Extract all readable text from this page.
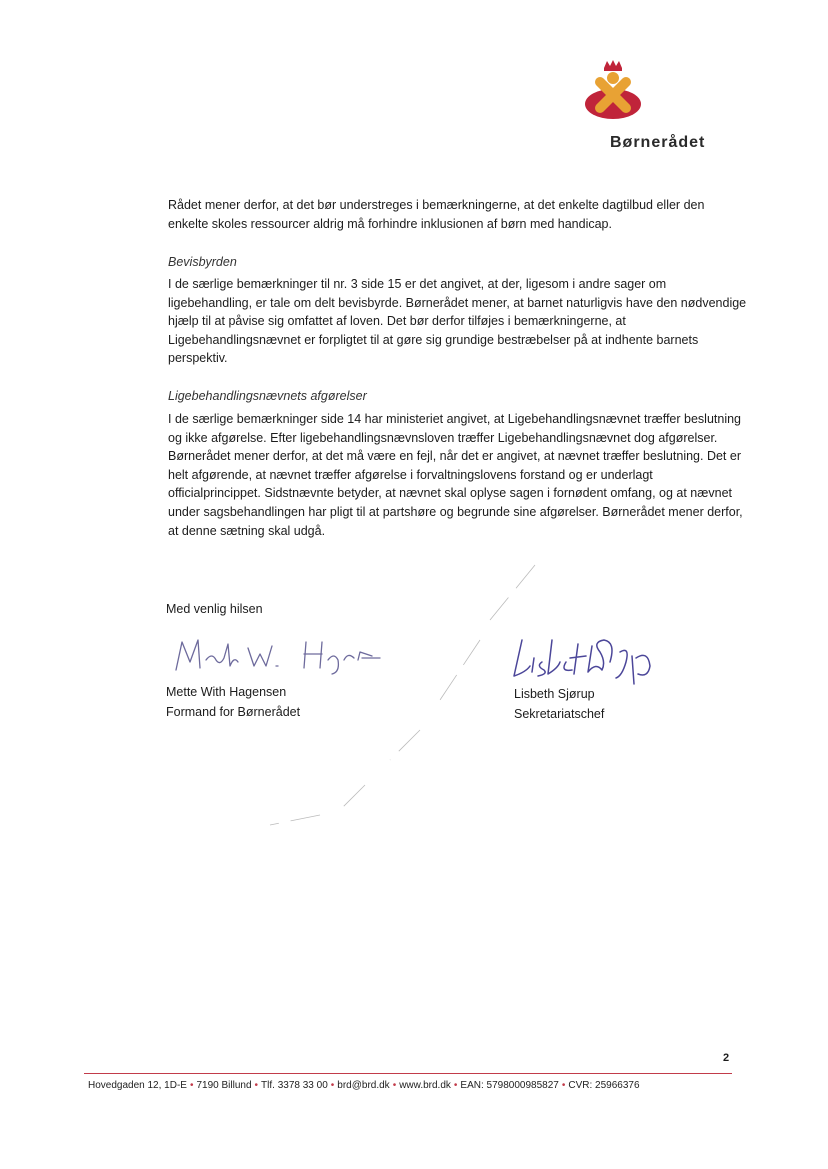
Børnerådet

Rådet mener derfor, at det bør understreges i bemærkningerne, at det enkelte dagtilbud eller den enkelte skoles ressourcer aldrig må forhindre inklusionen af børn med handicap.

Bevisbyrden

I de særlige bemærkninger til nr. 3 side 15 er det angivet, at der, ligesom i andre sager om ligebehandling, er tale om delt bevisbyrde. Børnerådet mener, at barnet naturligvis have den nødvendige hjælp til at påvise sig omfattet af loven. Det bør derfor tilføjes i bemærkningerne, at Ligebehandlingsnævnet er forpligtet til at gøre sig grundige bestræbelser på at indhente barnets perspektiv.

Ligebehandlingsnævnets afgørelser

I de særlige bemærkninger side 14 har ministeriet angivet, at Ligebehandlingsnævnet træffer beslutning og ikke afgørelse. Efter ligebehandlingsnævnsloven træffer Ligebehandlingsnævnet dog afgørelser. Børnerådet mener derfor, at det må være en fejl, når det er angivet, at nævnet træffer beslutning. Det er helt afgørende, at nævnet træffer afgørelse i forvaltningslovens forstand og er underlagt officialprincippet. Sidstnævnte betyder, at nævnet skal oplyse sagen i fornødent omfang, og at nævnet under sagsbehandlingen har pligt til at partshøre og begrunde sine afgørelser. Børnerådet mener derfor, at denne sætning skal udgå.

Med venlig hilsen
Mette With Hagensen
Formand for Børnerådet
Lisbeth Sjørup
Sekretariatschef
2
Hovedgaden 12, 1D-E • 7190 Billund • Tlf. 3378 33 00 • brd@brd.dk • www.brd.dk • EAN: 5798000985827 • CVR: 25966376
